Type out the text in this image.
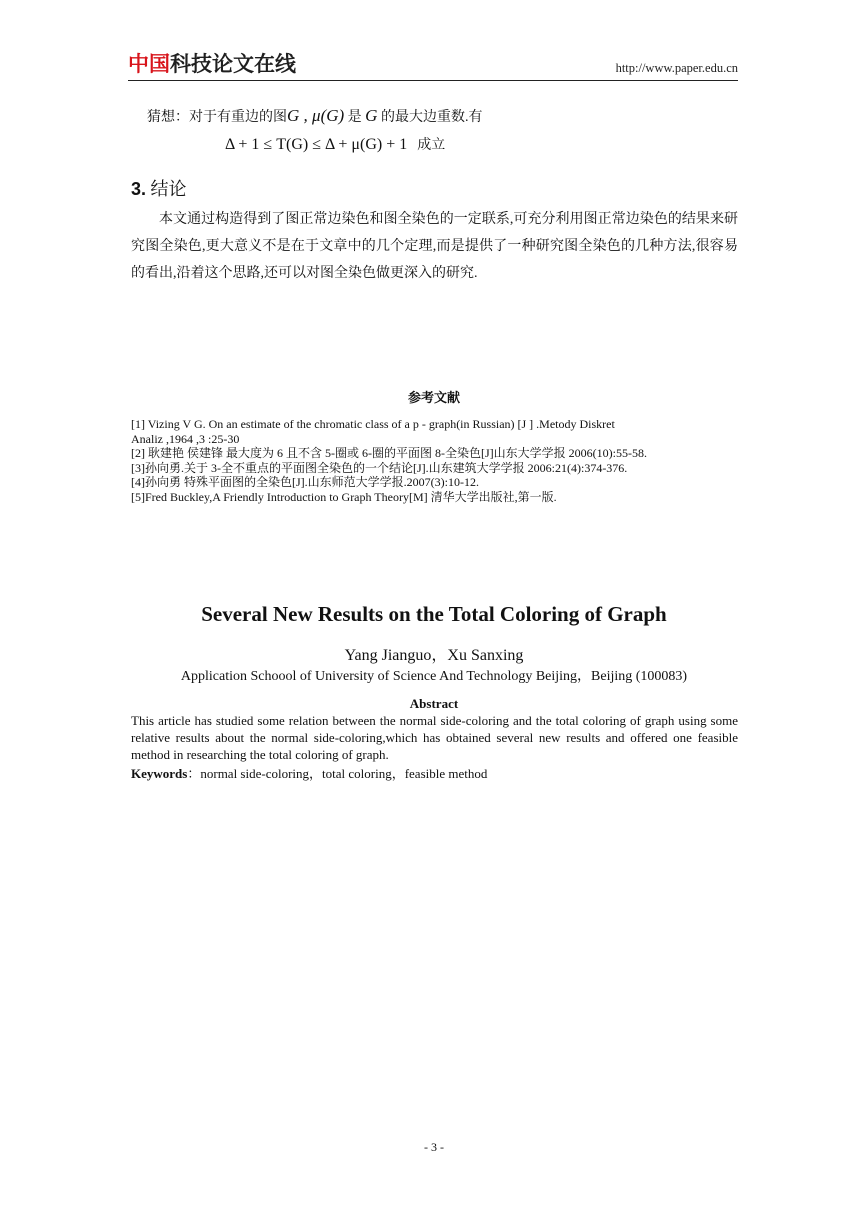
中国科技论文在线	http://www.paper.edu.cn
猜想：对于有重边的图G , μ(G) 是 G 的最大边重数.有
Δ + 1 ≤ T(G) ≤ Δ + μ(G) + 1 成立
3. 结论
本文通过构造得到了图正常边染色和图全染色的一定联系,可充分利用图正常边染色的结果来研究图全染色,更大意义不是在于文章中的几个定理,而是提供了一种研究图全染色的几种方法,很容易的看出,沿着这个思路,还可以对图全染色做更深入的研究.
参考文献

[1] Vizing V G. On an estimate of the chromatic class of a p - graph(in Russian) [J ] .Metody Diskret

Analiz ,1964 ,3 :25-30

[2] 耿建艳 侯建锋 最大度为 6 且不含 5-圈或 6-圈的平面图 8-全染色[J]山东大学学报 2006(10):55-58.

[3]孙向勇.关于 3-全不重点的平面图全染色的一个结论[J].山东建筑大学学报 2006:21(4):374-376.

[4]孙向勇 特殊平面图的全染色[J].山东师范大学学报.2007(3):10-12.

[5]Fred Buckley,A Friendly Introduction to Graph Theory[M] 清华大学出版社,第一版.

Several New Results on the Total Coloring of Graph
Yang Jianguo，Xu Sanxing
Application Schoool of University of Science And Technology Beijing，Beijing (100083)
Abstract
This article has studied some relation between the normal side-coloring and the total coloring of graph using some relative results about the normal side-coloring,which has obtained several new results and offered one feasible method in researching the total coloring of graph.
Keywords：normal side-coloring，total coloring，feasible method
- 3 -
